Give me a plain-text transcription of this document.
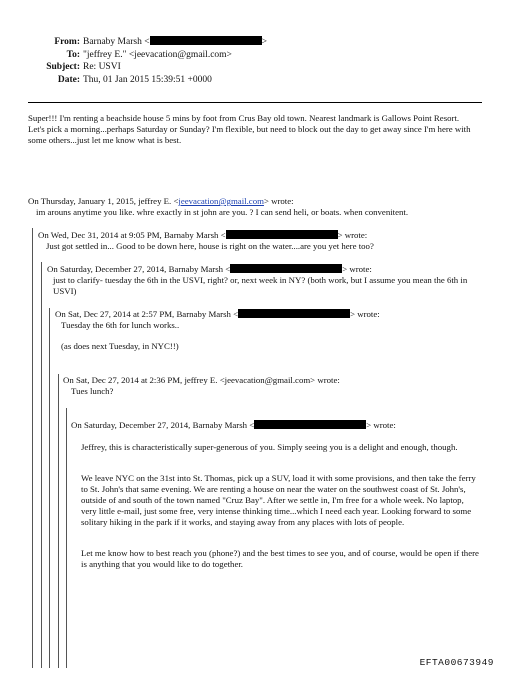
From: Barnaby Marsh <	>
To: "jeffrey E." <jeevacation@gmail.com>
Subject: Re: USVI
Date: Thu, 01 Jan 2015 15:39:51 +0000

Super!!! I'm renting a beachside house 5 mins by foot from Crus Bay old town. Nearest landmark is Gallows Point Resort.

Let's pick a morning...perhaps Saturday or Sunday? I'm flexible, but need to block out the day to get away since I'm here with some others...just let me know what is best.

On Thursday, January 1, 2015, jeffrey E. <jeevacation@gmail.com> wrote:

im arouns anytime you like. whre exactly in st john are you. ? I can send heli, or boats. when convenitent.

On Wed, Dec 31, 2014 at 9:05 PM, Barnaby Marsh <	> wrote:

Just got settled in... Good to be down here, house is right on the water....are you yet here too?

On Saturday, December 27, 2014, Barnaby Marsh <	> wrote:

just to clarify- tuesday the 6th in the USVI, right? or, next week in NY? (both work, but I assume you mean the 6th in USVI)

On Sat, Dec 27, 2014 at 2:57 PM, Barnaby Marsh <	> wrote:

Tuesday the 6th for lunch works..

(as does next Tuesday, in NYC!!)

On Sat, Dec 27, 2014 at 2:36 PM, jeffrey E. <jeevacation@gmail.com> wrote:

Tues lunch?

On Saturday, December 27, 2014, Barnaby Marsh <	> wrote:

Jeffrey, this is characteristically super-generous of you. Simply seeing you is a delight and enough, though.

We leave NYC on the 31st into St. Thomas, pick up a SUV, load it with some provisions, and then take the ferry to St. John's that same evening. We are renting a house on near the water on the southwest coast of St. John's, outside of and south of the town named "Cruz Bay". After we settle in, I'm free for a whole week. No laptop, very little e-mail, just some free, very intense thinking time...which I need each year. Looking forward to some solitary hiking in the park if it works, and staying away from any places with lots of people.

Let me know how to best reach you (phone?) and the best times to see you, and of course, would be open if there is anything that you would like to do together.

EFTA00673949
